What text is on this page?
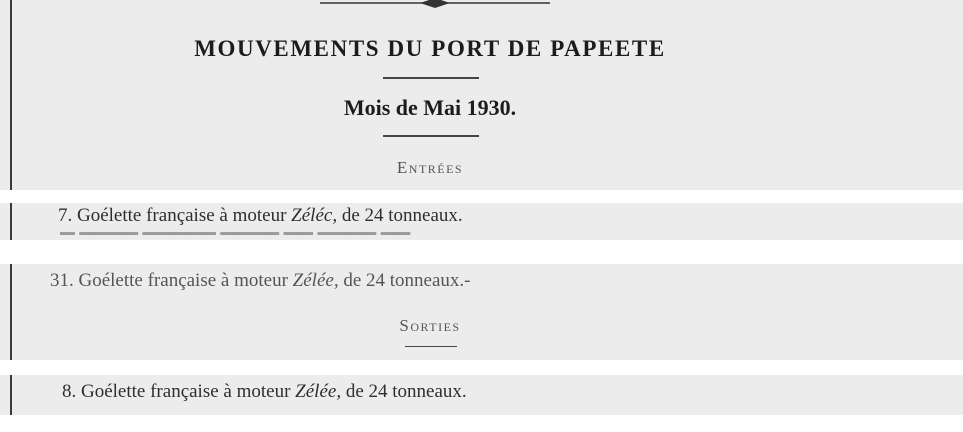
MOUVEMENTS DU PORT DE PAPEETE
Mois de Mai 1930.
Entrées
7. Goélette française à moteur Zéléc, de 24 tonneaux.
▔ ▔▔▔▔ ▔▔▔▔▔ ▔▔▔▔ ▔▔ ▔▔▔▔ ▔▔
31. Goélette française à moteur Zélée, de 24 tonneaux.-
Sorties
8. Goélette française à moteur Zélée, de 24 tonneaux.
